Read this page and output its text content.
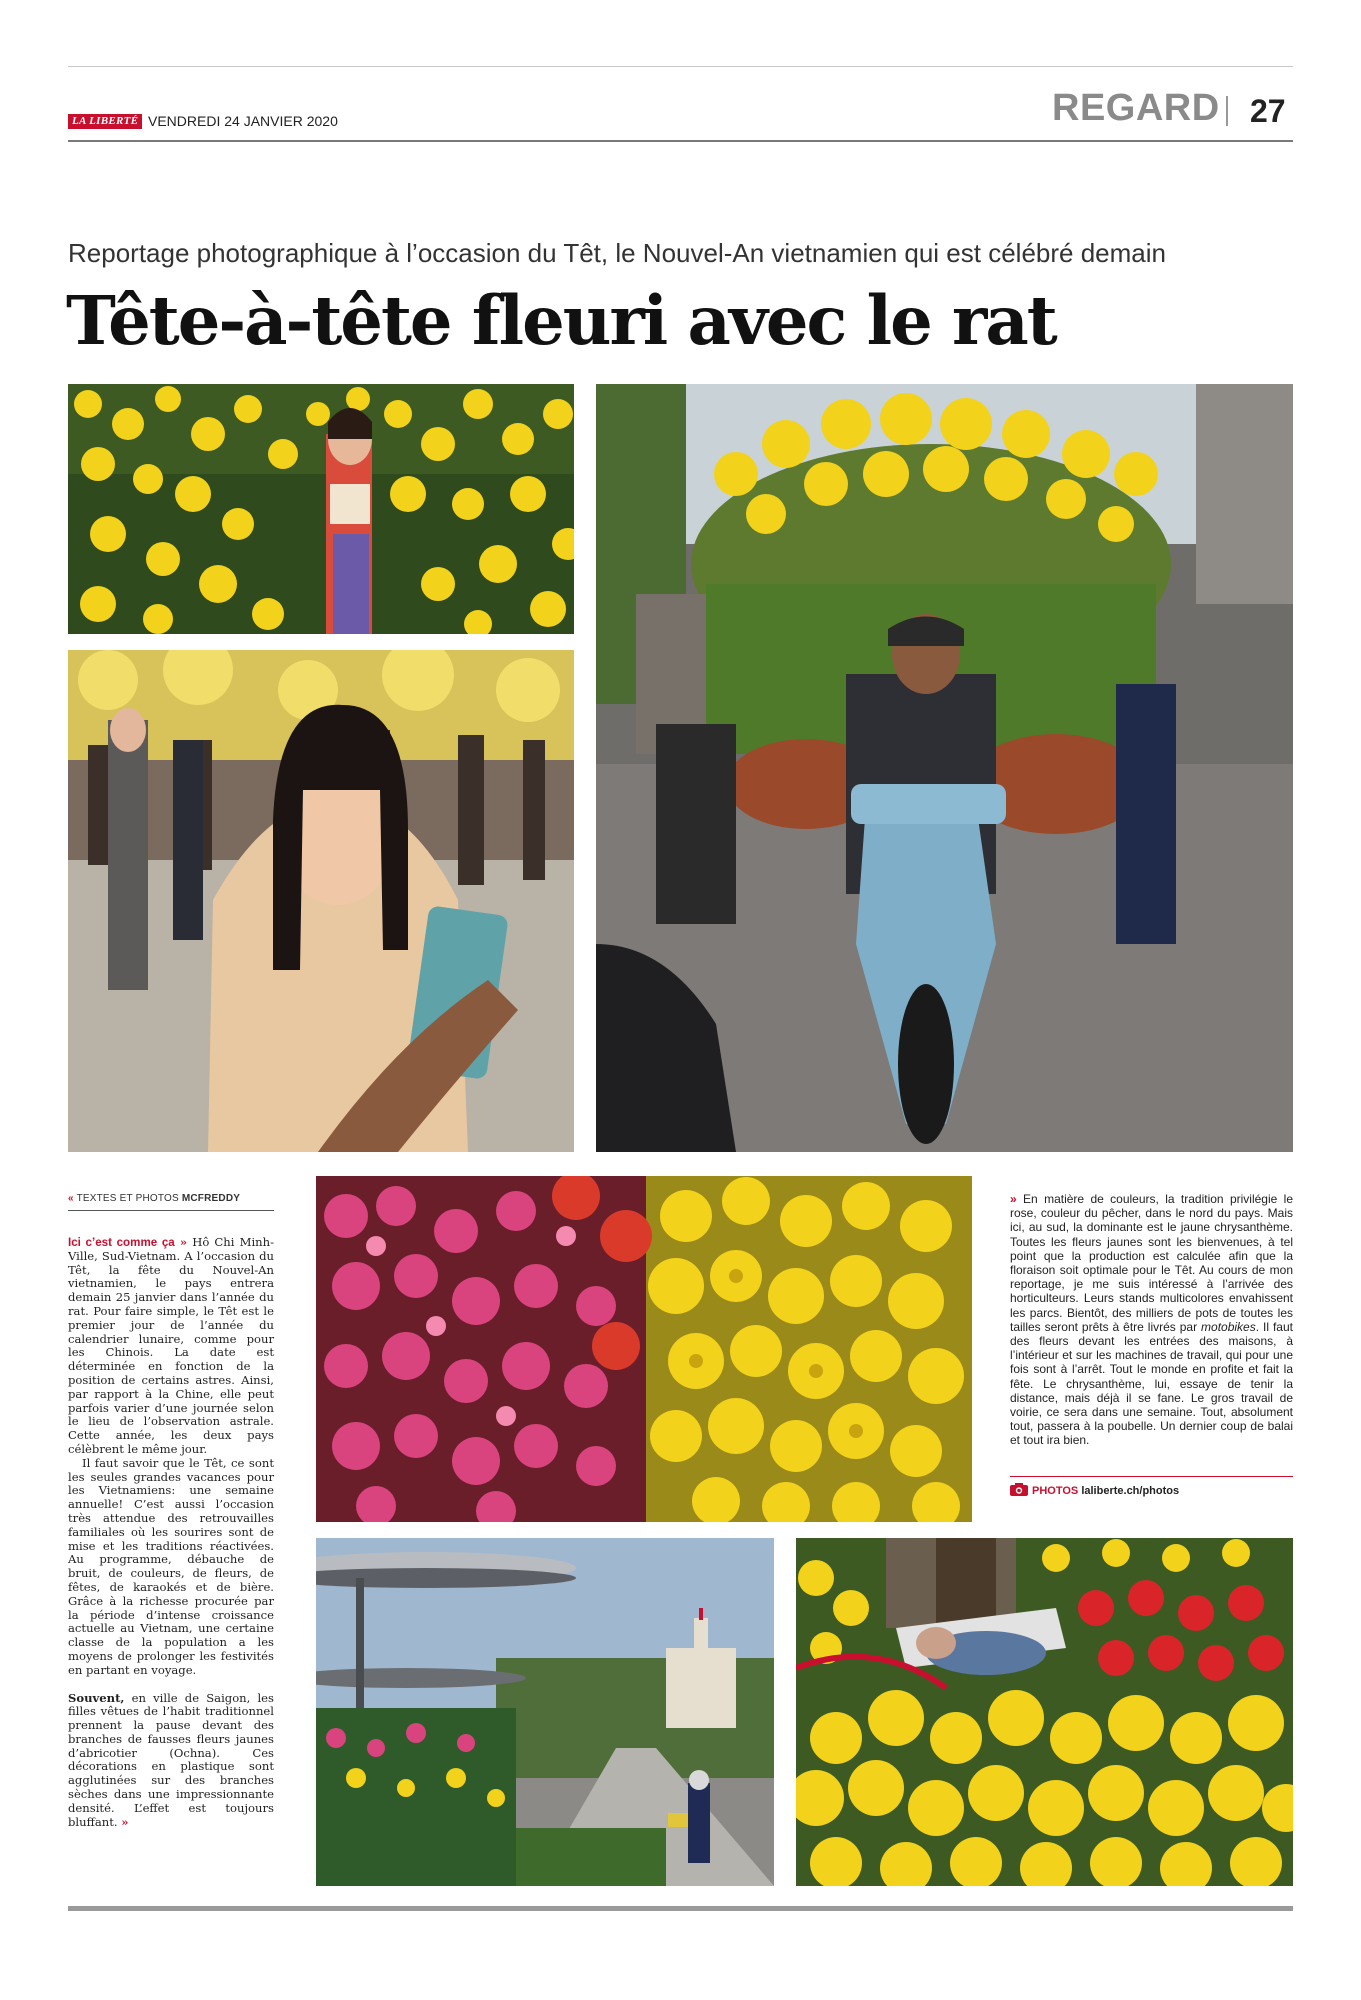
LA LIBERTÉ VENDREDI 24 JANVIER 2020	REGARD 27
Reportage photographique à l’occasion du Têt, le Nouvel-An vietnamien qui est célébré demain
Tête-à-tête fleuri avec le rat
« TEXTES ET PHOTOS MCFREDDY

Ici c’est comme ça » Hô Chi Minh-Ville, Sud-Vietnam. A l’occasion du Têt, la fête du Nouvel-An vietnamien, le pays entrera demain 25 janvier dans l’année du rat. Pour faire simple, le Têt est le premier jour de l’année du calendrier lunaire, comme pour les Chinois. La date est déterminée en fonction de la position de certains astres. Ainsi, par rapport à la Chine, elle peut parfois varier d’une journée selon le lieu de l’observation astrale. Cette année, les deux pays célèbrent le même jour.

Il faut savoir que le Têt, ce sont les seules grandes vacances pour les Vietnamiens: une semaine annuelle! C’est aussi l’occasion très attendue des retrouvailles familiales où les sourires sont de mise et les traditions réactivées. Au programme, débauche de bruit, de couleurs, de fleurs, de fêtes, de karaokés et de bière. Grâce à la richesse procurée par la période d’intense croissance actuelle au Vietnam, une certaine classe de la population a les moyens de prolonger les festivités en partant en voyage.

Souvent, en ville de Saigon, les filles vêtues de l’habit traditionnel prennent la pause devant des branches de fausses fleurs jaunes d’abricotier (Ochna). Ces décorations en plastique sont agglutinées sur des branches sèches dans une impressionnante densité. L’effet est toujours bluffant. »

» En matière de couleurs, la tradition privilégie le rose, couleur du pêcher, dans le nord du pays. Mais ici, au sud, la dominante est le jaune chrysanthème. Toutes les fleurs jaunes sont les bienvenues, à tel point que la production est calculée afin que la floraison soit optimale pour le Têt. Au cours de mon reportage, je me suis intéressé à l’arrivée des horticulteurs. Leurs stands multicolores envahissent les parcs. Bientôt, des milliers de pots de toutes les tailles seront prêts à être livrés par motobikes. Il faut des fleurs devant les entrées des maisons, à l’intérieur et sur les machines de travail, qui pour une fois sont à l’arrêt. Tout le monde en profite et fait la fête. Le chrysanthème, lui, essaye de tenir la distance, mais déjà il se fane. Le gros travail de voirie, ce sera dans une semaine. Tout, absolument tout, passera à la poubelle. Un dernier coup de balai et tout ira bien.

PHOTOS laliberte.ch/photos
